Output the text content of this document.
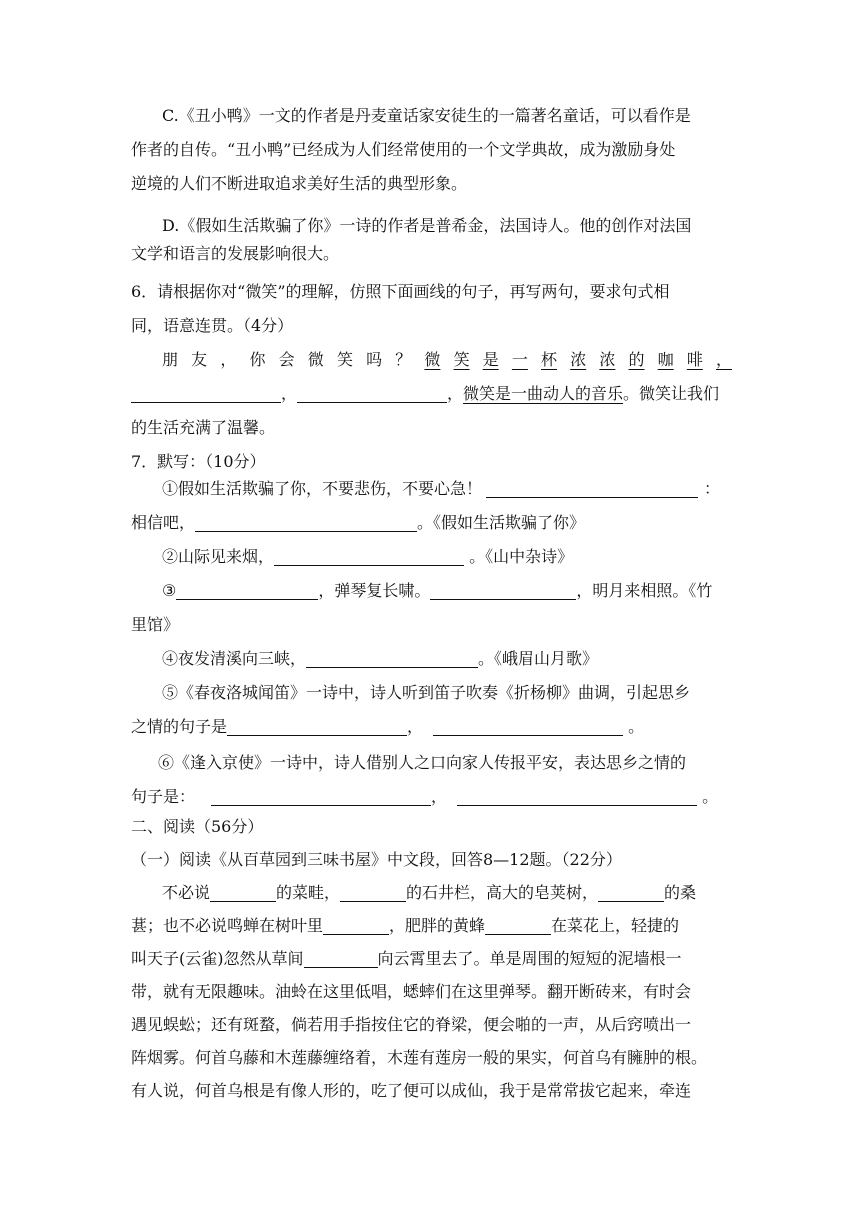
C.《丑小鸭》一文的作者是丹麦童话家安徒生的一篇著名童话，可以看作是
作者的自传。“丑小鸭”已经成为人们经常使用的一个文学典故，成为激励身处
逆境的人们不断进取追求美好生活的典型形象。
D.《假如生活欺骗了你》一诗的作者是普希金，法国诗人。他的创作对法国
文学和语言的发展影响很大。
6．请根据你对“微笑”的理解，仿照下面画线的句子，再写两句，要求句式相
同，语意连贯。（4分）
朋 友 ， 你 会 微 笑 吗 ？ 微 笑 是 一 杯 浓 浓 的 咖 啡 ，
，	，微笑是一曲动人的音乐。微笑让我们
的生活充满了温馨。
7．默写：（10分）
①假如生活欺骗了你，不要悲伤，不要心急！	：
相信吧，	。《假如生活欺骗了你》
②山际见来烟，	。《山中杂诗》
③	，弹琴复长啸。	，明月来相照。《竹
里馆》
④夜发清溪向三峡，	。《峨眉山月歌》
⑤《春夜洛城闻笛》一诗中，诗人听到笛子吹奏《折杨柳》曲调，引起思乡
之情的句子是	，	。
⑥《逢入京使》一诗中，诗人借别人之口向家人传报平安，表达思乡之情的
句子是：	，	。
二、阅读（56分）
（一）阅读《从百草园到三味书屋》中文段，回答8—12题。（22分）
不必说	的菜畦，	的石井栏，高大的皂荚树，	的桑
葚；也不必说鸣蝉在树叶里	，肥胖的黄蜂	在菜花上，轻捷的
叫天子(云雀)忽然从草间	向云霄里去了。单是周围的短短的泥墙根一
带，就有无限趣味。油蛉在这里低唱，蟋蟀们在这里弹琴。翻开断砖来，有时会
遇见蜈蚣；还有斑蝥，倘若用手指按住它的脊梁，便会啪的一声，从后窍喷出一
阵烟雾。何首乌藤和木莲藤缠络着，木莲有莲房一般的果实，何首乌有臃肿的根。
有人说，何首乌根是有像人形的，吃了便可以成仙，我于是常常拔它起来，牵连
